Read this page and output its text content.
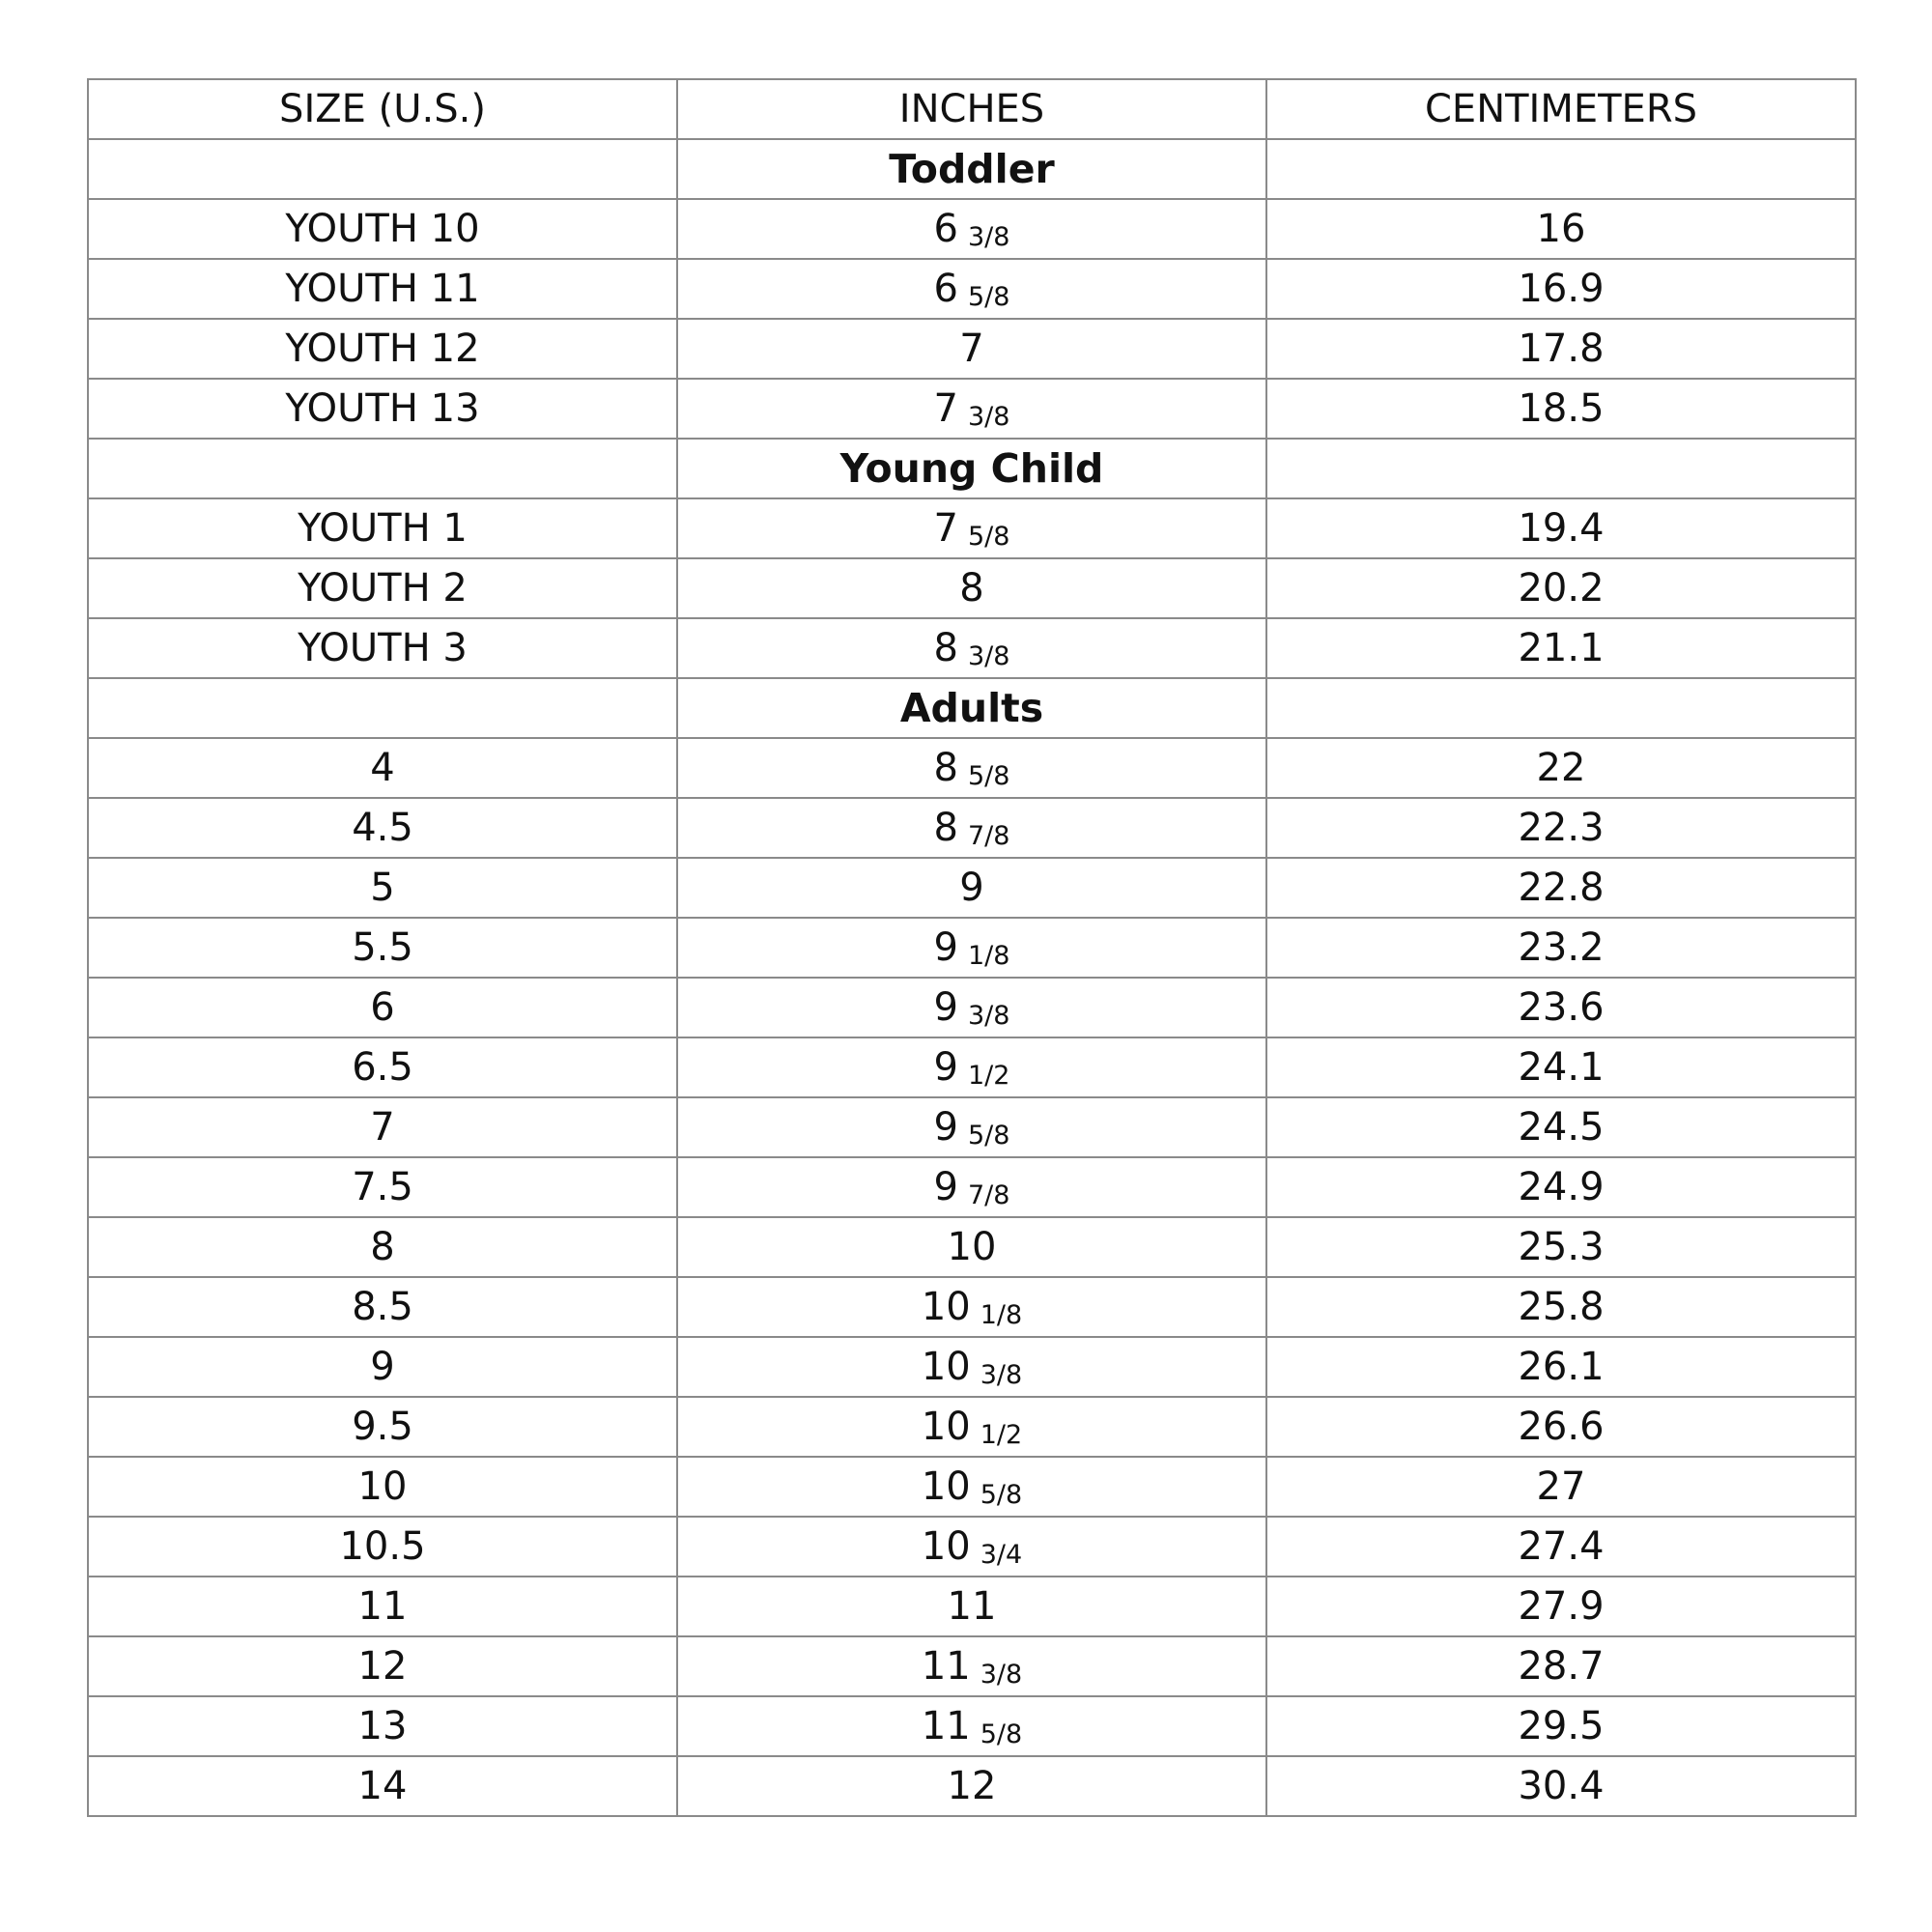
SIZE (U.S.)	INCHES	CENTIMETERS
	Toddler	
YOUTH 10	6 3/8	16
YOUTH 11	6 5/8	16.9
YOUTH 12	7	17.8
YOUTH 13	7 3/8	18.5
	Young Child	
YOUTH 1	7 5/8	19.4
YOUTH 2	8	20.2
YOUTH 3	8 3/8	21.1
	Adults	
4	8 5/8	22
4.5	8 7/8	22.3
5	9	22.8
5.5	9 1/8	23.2
6	9 3/8	23.6
6.5	9 1/2	24.1
7	9 5/8	24.5
7.5	9 7/8	24.9
8	10	25.3
8.5	10 1/8	25.8
9	10 3/8	26.1
9.5	10 1/2	26.6
10	10 5/8	27
10.5	10 3/4	27.4
11	11	27.9
12	11 3/8	28.7
13	11 5/8	29.5
14	12	30.4
